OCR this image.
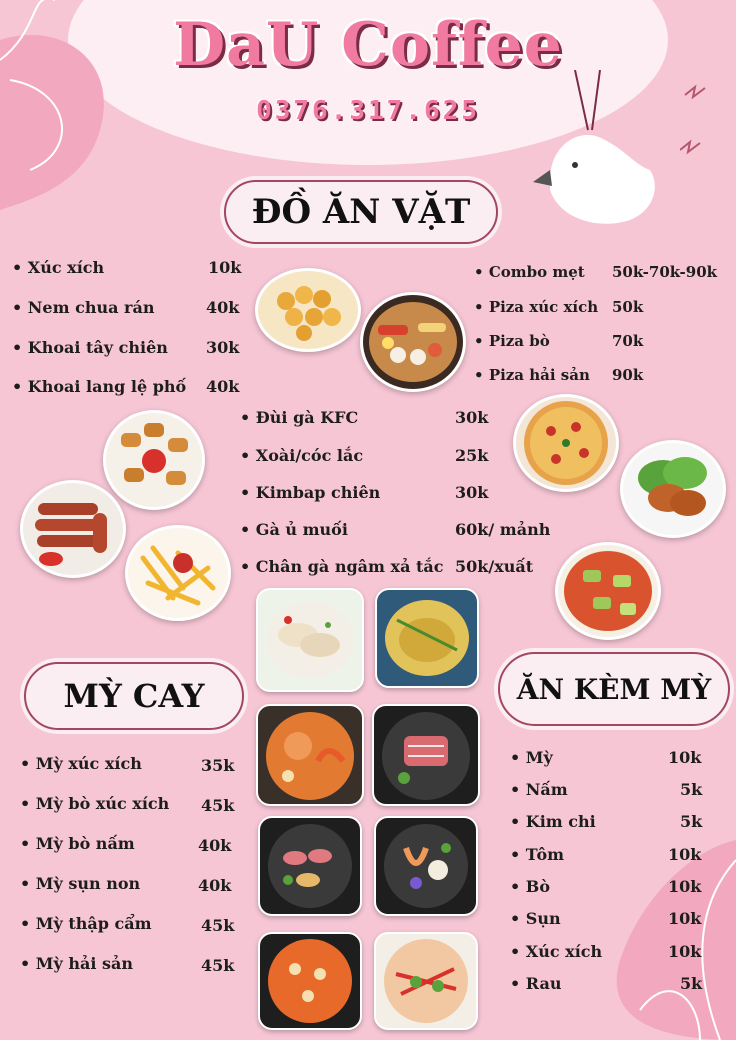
DaU Coffee
0376.317.625
ĐỒ ĂN VẶT
MỲ CAY	ĂN KÈM MỲ
• Xúc xích	10k
• Nem chua rán	40k
• Khoai tây chiên 30k
• Khoai lang lệ phố 40k
• Combo mẹt 50k-70k-90k
• Piza xúc xích 50k
• Piza bò	70k
• Piza hải sản 90k
• Đùi gà KFC	30k
• Xoài/cóc lắc	25k
• Kimbap chiên	30k
• Gà ủ muối	60k/ mảnh
• Chân gà ngâm xả tắc 50k/xuất
• Mỳ xúc xích	35k
• Mỳ bò xúc xích 45k
• Mỳ bò nấm	40k
• Mỳ sụn non	40k
• Mỳ thập cẩm	45k
• Mỳ hải sản	45k
• Mỳ	10k
• Nấm	5k
• Kim chi	5k
• Tôm	10k
• Bò	10k
• Sụn	10k
• Xúc xích	10k
• Rau	5k
